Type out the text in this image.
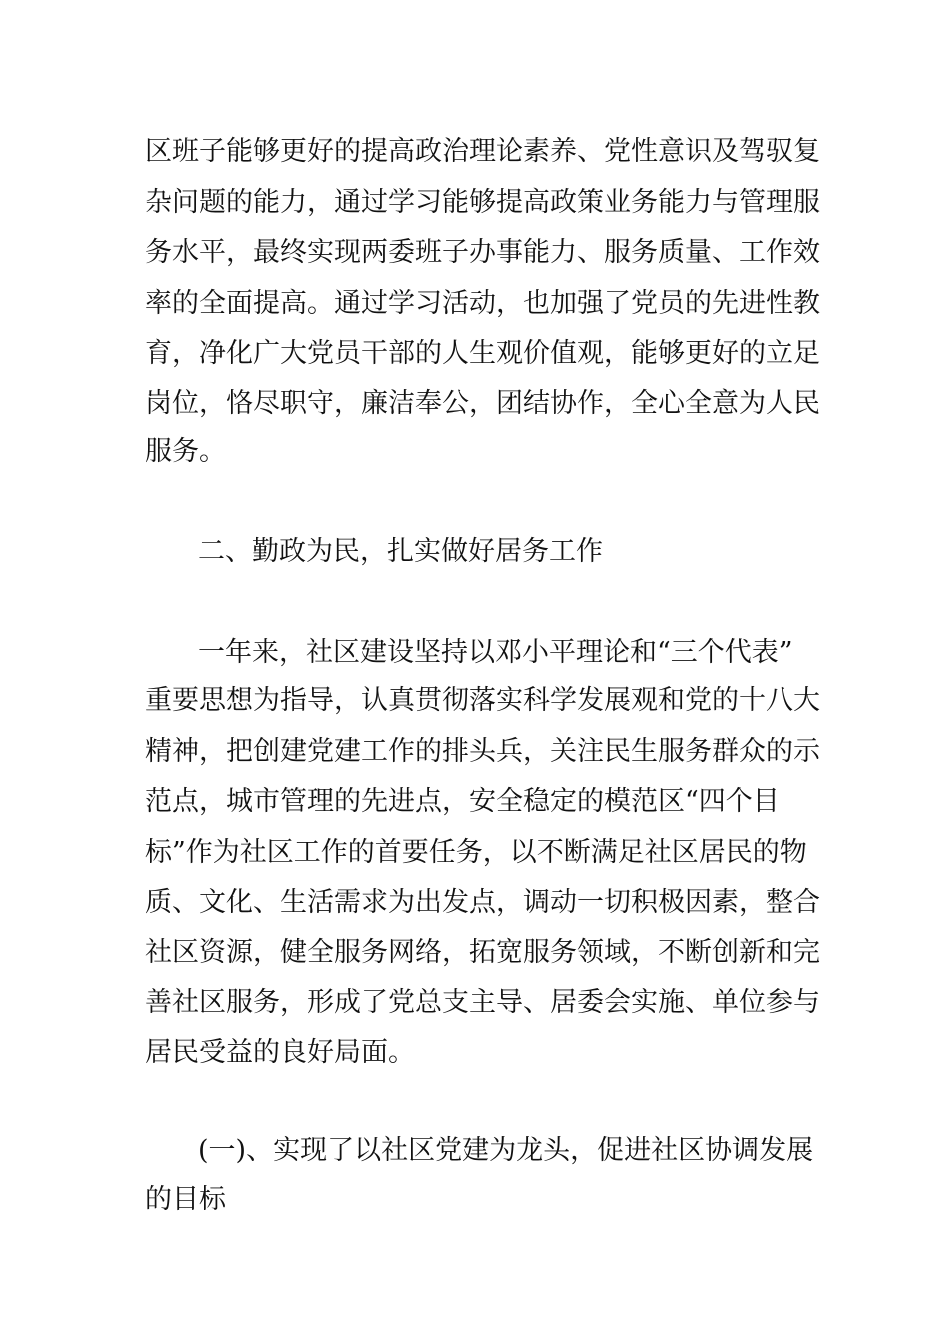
区班子能够更好的提高政治理论素养、党性意识及驾驭复

杂问题的能力，通过学习能够提高政策业务能力与管理服

务水平，最终实现两委班子办事能力、服务质量、工作效

率的全面提高。通过学习活动，也加强了党员的先进性教

育，净化广大党员干部的人生观价值观，能够更好的立足

岗位，恪尽职守，廉洁奉公，团结协作，全心全意为人民

服务。

二、勤政为民，扎实做好居务工作

一年来，社区建设坚持以邓小平理论和“三个代表”

重要思想为指导，认真贯彻落实科学发展观和党的十八大

精神，把创建党建工作的排头兵，关注民生服务群众的示

范点，城市管理的先进点，安全稳定的模范区“四个目

标”作为社区工作的首要任务，以不断满足社区居民的物

质、文化、生活需求为出发点，调动一切积极因素，整合

社区资源，健全服务网络，拓宽服务领域，不断创新和完

善社区服务，形成了党总支主导、居委会实施、单位参与

居民受益的良好局面。

(一)、实现了以社区党建为龙头，促进社区协调发展

的目标
